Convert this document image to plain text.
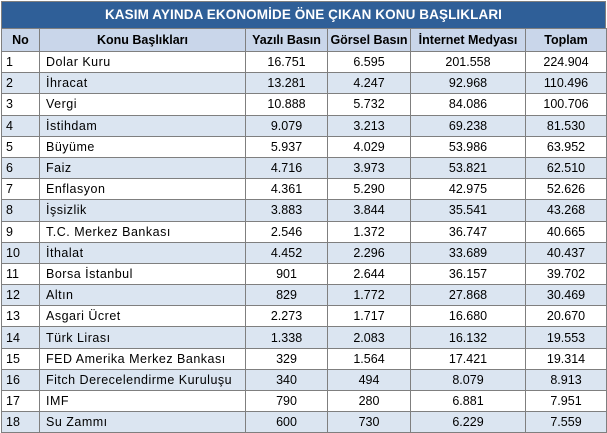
KASIM AYINDA EKONOMİDE ÖNE ÇIKAN KONU BAŞLIKLARI
No	Konu Başlıkları	Yazılı Basın	Görsel Basın	İnternet Medyası	Toplam
1	Dolar Kuru	16.751	6.595	201.558	224.904
2	İhracat	13.281	4.247	92.968	110.496
3	Vergi	10.888	5.732	84.086	100.706
4	İstihdam	9.079	3.213	69.238	81.530
5	Büyüme	5.937	4.029	53.986	63.952
6	Faiz	4.716	3.973	53.821	62.510
7	Enflasyon	4.361	5.290	42.975	52.626
8	İşsizlik	3.883	3.844	35.541	43.268
9	T.C. Merkez Bankası	2.546	1.372	36.747	40.665
10	İthalat	4.452	2.296	33.689	40.437
11	Borsa İstanbul	901	2.644	36.157	39.702
12	Altın	829	1.772	27.868	30.469
13	Asgari Ücret	2.273	1.717	16.680	20.670
14	Türk Lirası	1.338	2.083	16.132	19.553
15	FED Amerika Merkez Bankası	329	1.564	17.421	19.314
16	Fitch Derecelendirme Kuruluşu	340	494	8.079	8.913
17	IMF	790	280	6.881	7.951
18	Su Zammı	600	730	6.229	7.559
